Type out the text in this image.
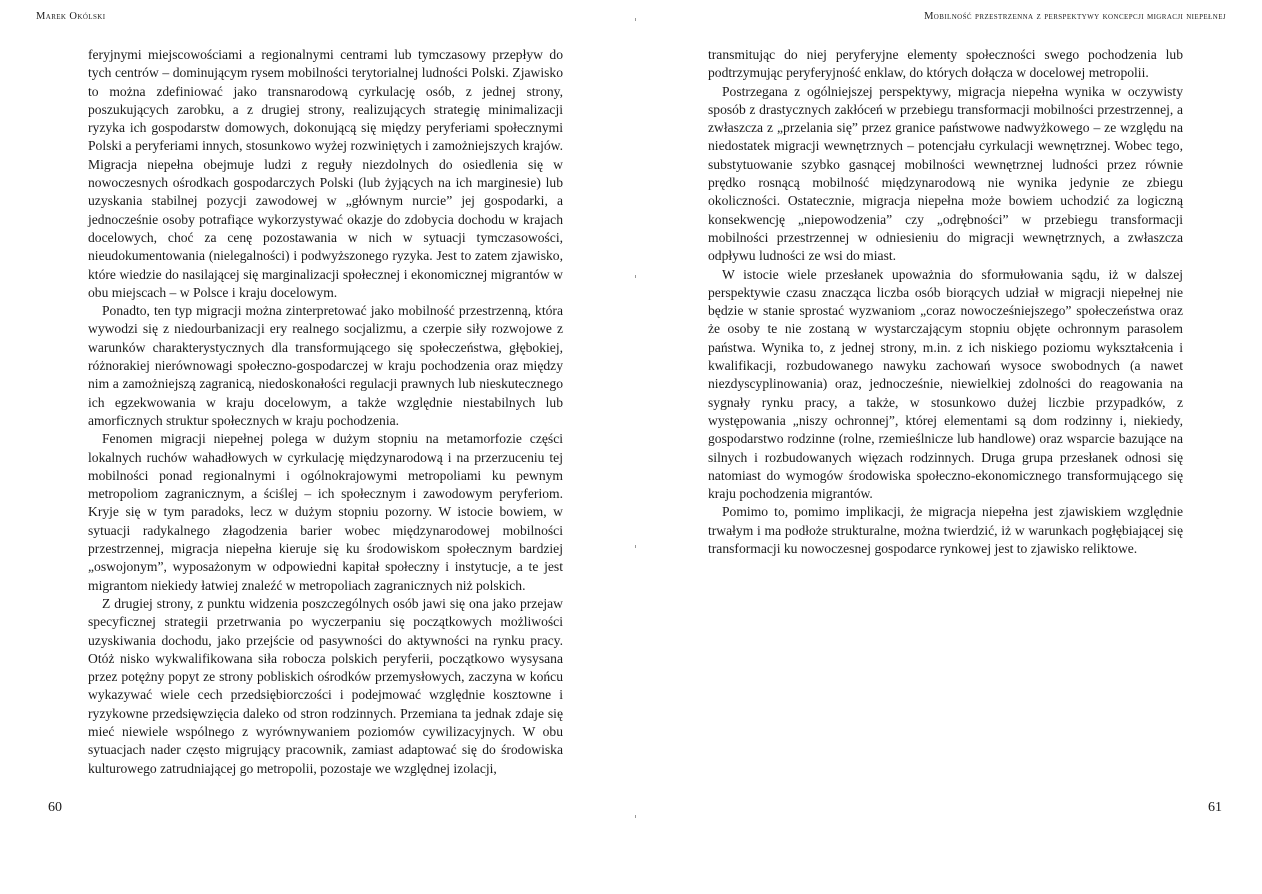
Marek Okólski

feryjnymi miejscowościami a regionalnymi centrami lub tymczasowy przepływ do tych centrów – dominującym rysem mobilności terytorialnej ludności Polski. Zjawisko to można zdefiniować jako transnarodową cyrkulację osób, z jednej strony, poszukujących zarobku, a z drugiej strony, realizujących strategię minimalizacji ryzyka ich gospodarstw domowych, dokonującą się między peryferiami społecznymi Polski a peryferiami innych, stosunkowo wyżej rozwiniętych i zamożniejszych krajów. Migracja niepełna obejmuje ludzi z reguły niezdolnych do osiedlenia się w nowoczesnych ośrodkach gospodarczych Polski (lub żyjących na ich marginesie) lub uzyskania stabilnej pozycji zawodowej w „głównym nurcie” jej gospodarki, a jednocześnie osoby potrafiące wykorzystywać okazje do zdobycia dochodu w krajach docelowych, choć za cenę pozostawania w nich w sytuacji tymczasowości, nieudokumentowania (nielegalności) i podwyższonego ryzyka. Jest to zatem zjawisko, które wiedzie do nasilającej się marginalizacji społecznej i ekonomicznej migrantów w obu miejscach – w Polsce i kraju docelowym.

Ponadto, ten typ migracji można zinterpretować jako mobilność przestrzenną, która wywodzi się z niedourbanizacji ery realnego socjalizmu, a czerpie siły rozwojowe z warunków charakterystycznych dla transformującego się społeczeństwa, głębokiej, różnorakiej nierównowagi społeczno-gospodarczej w kraju pochodzenia oraz między nim a zamożniejszą zagranicą, niedoskonałości regulacji prawnych lub nieskutecznego ich egzekwowania w kraju docelowym, a także względnie niestabilnych lub amorficznych struktur społecznych w kraju pochodzenia.

Fenomen migracji niepełnej polega w dużym stopniu na metamorfozie części lokalnych ruchów wahadłowych w cyrkulację międzynarodową i na przerzuceniu tej mobilności ponad regionalnymi i ogólnokrajowymi metropoliami ku pewnym metropoliom zagranicznym, a ściślej – ich społecznym i zawodowym peryferiom. Kryje się w tym paradoks, lecz w dużym stopniu pozorny. W istocie bowiem, w sytuacji radykalnego złagodzenia barier wobec międzynarodowej mobilności przestrzennej, migracja niepełna kieruje się ku środowiskom społecznym bardziej „oswojonym”, wyposażonym w odpowiedni kapitał społeczny i instytucje, a te jest migrantom niekiedy łatwiej znaleźć w metropoliach zagranicznych niż polskich.

Z drugiej strony, z punktu widzenia poszczególnych osób jawi się ona jako przejaw specyficznej strategii przetrwania po wyczerpaniu się początkowych możliwości uzyskiwania dochodu, jako przejście od pasywności do aktywności na rynku pracy. Otóż nisko wykwalifikowana siła robocza polskich peryferii, początkowo wysysana przez potężny popyt ze strony pobliskich ośrodków przemysłowych, zaczyna w końcu wykazywać wiele cech przedsiębiorczości i podejmować względnie kosztowne i ryzykowne przedsięwzięcia daleko od stron rodzinnych. Przemiana ta jednak zdaje się mieć niewiele wspólnego z wyrównywaniem poziomów cywilizacyjnych. W obu sytuacjach nader często migrujący pracownik, zamiast adaptować się do środowiska kulturowego zatrudniającej go metropolii, pozostaje we względnej izolacji,

60
Mobilność przestrzenna z perspektywy koncepcji migracji niepełnej

transmitując do niej peryferyjne elementy społeczności swego pochodzenia lub podtrzymując peryferyjność enklaw, do których dołącza w docelowej metropolii.

Postrzegana z ogólniejszej perspektywy, migracja niepełna wynika w oczywisty sposób z drastycznych zakłóceń w przebiegu transformacji mobilności przestrzennej, a zwłaszcza z „przelania się” przez granice państwowe nadwyżkowego – ze względu na niedostatek migracji wewnętrznych – potencjału cyrkulacji wewnętrznej. Wobec tego, substytuowanie szybko gasnącej mobilności wewnętrznej ludności przez równie prędko rosnącą mobilność międzynarodową nie wynika jedynie ze zbiegu okoliczności. Ostatecznie, migracja niepełna może bowiem uchodzić za logiczną konsekwencję „niepowodzenia” czy „odrębności” w przebiegu transformacji mobilności przestrzennej w odniesieniu do migracji wewnętrznych, a zwłaszcza odpływu ludności ze wsi do miast.

W istocie wiele przesłanek upoważnia do sformułowania sądu, iż w dalszej perspektywie czasu znacząca liczba osób biorących udział w migracji niepełnej nie będzie w stanie sprostać wyzwaniom „coraz nowocześniejszego” społeczeństwa oraz że osoby te nie zostaną w wystarczającym stopniu objęte ochronnym parasolem państwa. Wynika to, z jednej strony, m.in. z ich niskiego poziomu wykształcenia i kwalifikacji, rozbudowanego nawyku zachowań wysoce swobodnych (a nawet niezdyscyplinowania) oraz, jednocześnie, niewielkiej zdolności do reagowania na sygnały rynku pracy, a także, w stosunkowo dużej liczbie przypadków, z występowania „niszy ochronnej”, której elementami są dom rodzinny i, niekiedy, gospodarstwo rodzinne (rolne, rzemieślnicze lub handlowe) oraz wsparcie bazujące na silnych i rozbudowanych więzach rodzinnych. Druga grupa przesłanek odnosi się natomiast do wymogów środowiska społeczno-ekonomicznego transformującego się kraju pochodzenia migrantów.

Pomimo to, pomimo implikacji, że migracja niepełna jest zjawiskiem względnie trwałym i ma podłoże strukturalne, można twierdzić, iż w warunkach pogłębiającej się transformacji ku nowoczesnej gospodarce rynkowej jest to zjawisko reliktowe.

61
